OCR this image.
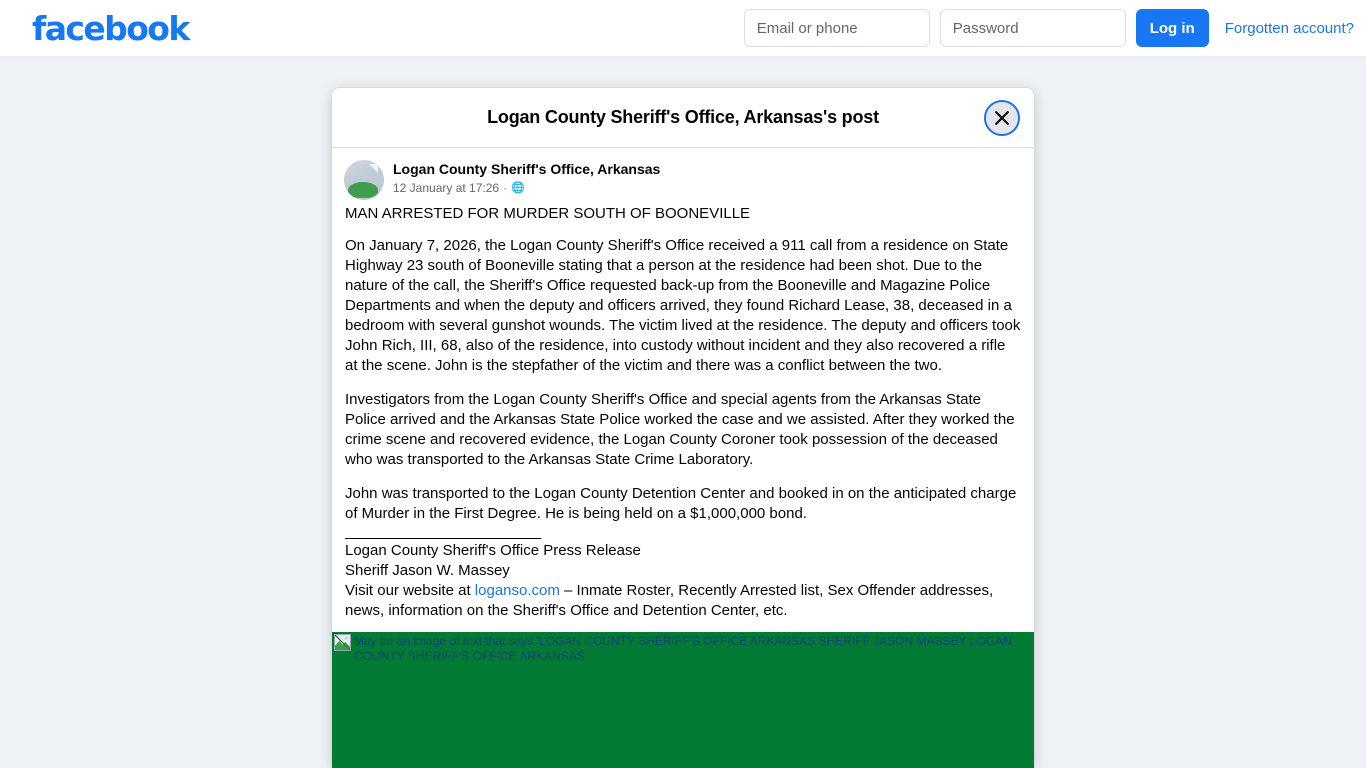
facebook
Email or phone	Log in	Forgotten account?
Logan County Sheriff's Office, Arkansas's post
Logan County Sheriff's Office, Arkansas
12 January at 17:26 · 🌐

MAN ARRESTED FOR MURDER SOUTH OF BOONEVILLE

On January 7, 2026, the Logan County Sheriff's Office received a 911 call from a residence on State Highway 23 south of Booneville stating that a person at the residence had been shot. Due to the nature of the call, the Sheriff's Office requested back-up from the Booneville and Magazine Police Departments and when the deputy and officers arrived, they found Richard Lease, 38, deceased in a bedroom with several gunshot wounds. The victim lived at the residence. The deputy and officers took John Rich, III, 68, also of the residence, into custody without incident and they also recovered a rifle at the scene. John is the stepfather of the victim and there was a conflict between the two.

Investigators from the Logan County Sheriff's Office and special agents from the Arkansas State Police arrived and the Arkansas State Police worked the case and we assisted. After they worked the crime scene and recovered evidence, the Logan County Coroner took possession of the deceased who was transported to the Arkansas State Crime Laboratory.

John was transported to the Logan County Detention Center and booked in on the anticipated charge of Murder in the First Degree. He is being held on a $1,000,000 bond.

Logan County Sheriff's Office Press Release
Sheriff Jason W. Massey
Visit our website at loganso.com – Inmate Roster, Recently Arrested list, Sex Offender addresses, news, information on the Sheriff's Office and Detention Center, etc.
May be an image of text that says 'LOGAN COUNTY SHERIFF'S OFFICE ARKANSAS SHERIFF JASON MASSEY LOGAN COUNTY SHERIFF'S OFFICE ARKANSAS'
